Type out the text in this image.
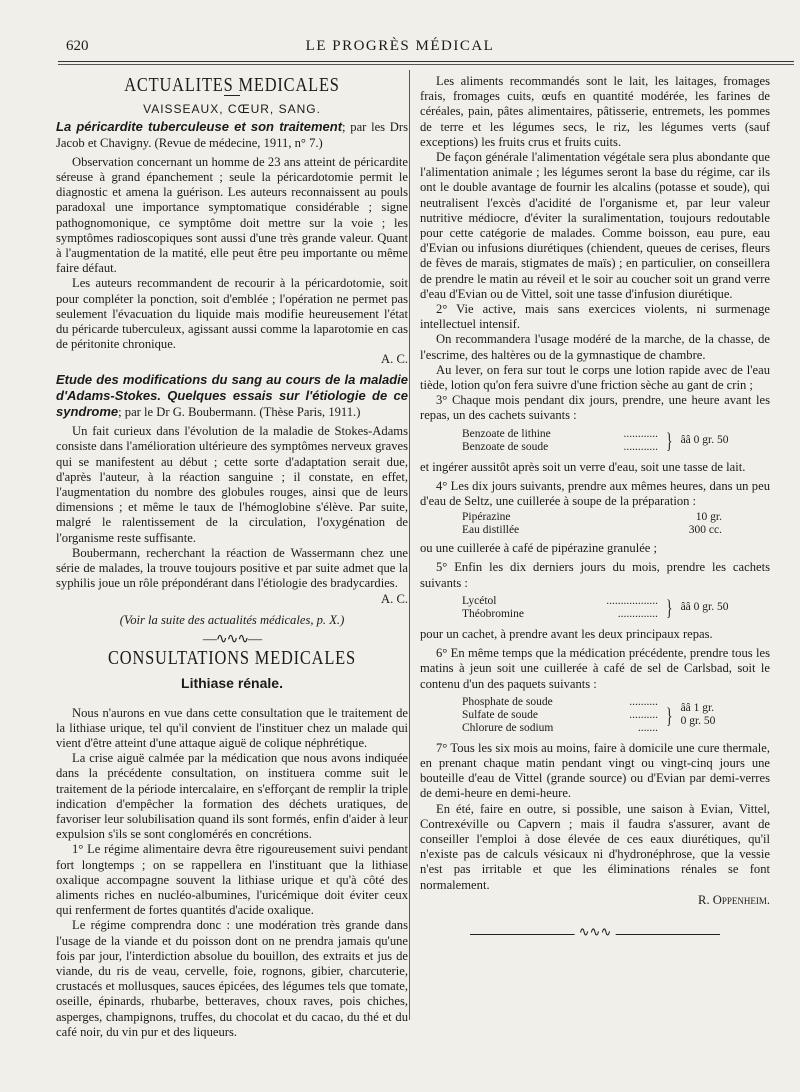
620	LE PROGRÈS MÉDICAL
ACTUALITES MEDICALES
VAISSEAUX, CŒUR, SANG.

La péricardite tuberculeuse et son traitement; par les Drs Jacob et Chavigny. (Revue de médecine, 1911, n° 7.)

Observation concernant un homme de 23 ans atteint de péricardite séreuse à grand épanchement ; seule la péricardotomie permit le diagnostic et amena la guérison. Les auteurs reconnaissent au pouls paradoxal une importance symptomatique considérable ; signe pathognomonique, ce symptôme doit mettre sur la voie ; les symptômes radioscopiques sont aussi d'une très grande valeur. Quant à l'augmentation de la matité, elle peut être peu importante ou même faire défaut.

Les auteurs recommandent de recourir à la péricardotomie, soit pour compléter la ponction, soit d'emblée ; l'opération ne permet pas seulement l'évacuation du liquide mais modifie heureusement l'état du péricarde tuberculeux, agissant aussi comme la laparotomie en cas de péritonite chronique.

A. C.

Etude des modifications du sang au cours de la maladie d'Adams-Stokes. Quelques essais sur l'étiologie de ce syndrome; par le Dr G. Boubermann. (Thèse Paris, 1911.)

Un fait curieux dans l'évolution de la maladie de Stokes-Adams consiste dans l'amélioration ultérieure des symptômes nerveux graves qui se manifestent au début ; cette sorte d'adaptation serait due, d'après l'auteur, à la réaction sanguine ; il constate, en effet, l'augmentation du nombre des globules rouges, ainsi que de leurs dimensions ; et même le taux de l'hémoglobine s'élève. Par suite, malgré le ralentissement de la circulation, l'oxygénation de l'organisme reste suffisante.

Boubermann, recherchant la réaction de Wassermann chez une série de malades, la trouve toujours positive et par suite admet que la syphilis joue un rôle prépondérant dans l'étiologie des bradycardies.

A. C.

(Voir la suite des actualités médicales, p. X.)

—∿∿∿—
CONSULTATIONS MEDICALES
Lithiase rénale.

Nous n'aurons en vue dans cette consultation que le traitement de la lithiase urique, tel qu'il convient de l'instituer chez un malade qui vient d'être atteint d'une attaque aiguë de colique néphrétique.

La crise aiguë calmée par la médication que nous avons indiquée dans la précédente consultation, on instituera comme suit le traitement de la période intercalaire, en s'efforçant de remplir la triple indication d'empêcher la formation des déchets uratiques, de favoriser leur solubilisation quand ils sont formés, enfin d'aider à leur expulsion s'ils se sont conglomérés en concrétions.

1° Le régime alimentaire devra être rigoureusement suivi pendant fort longtemps ; on se rappellera en l'instituant que la lithiase oxalique accompagne souvent la lithiase urique et qu'à côté des aliments riches en nucléo-albumines, l'uricémique doit éviter ceux qui renferment de fortes quantités d'acide oxalique.

Le régime comprendra donc : une modération très grande dans l'usage de la viande et du poisson dont on ne prendra jamais qu'une fois par jour, l'interdiction absolue du bouillon, des extraits et jus de viande, du ris de veau, cervelle, foie, rognons, gibier, charcuterie, crustacés et mollusques, sauces épicées, des légumes tels que tomate, oseille, épinards, rhubarbe, betteraves, choux raves, pois chiches, asperges, champignons, truffes, du chocolat et du cacao, du thé et du café noir, du vin pur et des liqueurs.

Les aliments recommandés sont le lait, les laitages, fromages frais, fromages cuits, œufs en quantité modérée, les farines de céréales, pain, pâtes alimentaires, pâtisserie, entremets, les pommes de terre et les légumes secs, le riz, les légumes verts (sauf exceptions) les fruits crus et fruits cuits.

De façon générale l'alimentation végétale sera plus abondante que l'alimentation animale ; les légumes seront la base du régime, car ils ont le double avantage de fournir les alcalins (potasse et soude), qui neutralisent l'excès d'acidité de l'organisme et, par leur valeur nutritive médiocre, d'éviter la suralimentation, toujours redoutable pour cette catégorie de malades. Comme boisson, eau pure, eau d'Evian ou infusions diurétiques (chiendent, queues de cerises, fleurs de fèves de marais, stigmates de maïs) ; en particulier, on conseillera de prendre le matin au réveil et le soir au coucher soit un grand verre d'eau d'Evian ou de Vittel, soit une tasse d'infusion diurétique.

2° Vie active, mais sans exercices violents, ni surmenage intellectuel intensif.

On recommandera l'usage modéré de la marche, de la chasse, de l'escrime, des haltères ou de la gymnastique de chambre.

Au lever, on fera sur tout le corps une lotion rapide avec de l'eau tiède, lotion qu'on fera suivre d'une friction sèche au gant de crin ;

3° Chaque mois pendant dix jours, prendre, une heure avant les repas, un des cachets suivants :

Benzoate de lithine	............
Benzoate de soude	............ } ââ 0 gr. 50

et ingérer aussitôt après soit un verre d'eau, soit une tasse de lait.

4° Les dix jours suivants, prendre aux mêmes heures, dans un peu d'eau de Seltz, une cuillerée à soupe de la préparation :

Pipérazine	10 gr.
Eau distillée	300 cc.

ou une cuillerée à café de pipérazine granulée ;

5° Enfin les dix derniers jours du mois, prendre les cachets suivants :

Lycétol	..................
Théobromine	.............. } ââ 0 gr. 50

pour un cachet, à prendre avant les deux principaux repas.

6° En même temps que la médication précédente, prendre tous les matins à jeun soit une cuillerée à café de sel de Carlsbad, soit le contenu d'un des paquets suivants :

Phosphate de soude	..........
Sulfate de soude	..........
Chlorure de sodium	....... } ââ 1 gr.
0 gr. 50

7° Tous les six mois au moins, faire à domicile une cure thermale, en prenant chaque matin pendant vingt ou vingt-cinq jours une bouteille d'eau de Vittel (grande source) ou d'Evian par demi-verres de demi-heure en demi-heure.

En été, faire en outre, si possible, une saison à Evian, Vittel, Contrexéville ou Capvern ; mais il faudra s'assurer, avant de conseiller l'emploi à dose élevée de ces eaux diurétiques, qu'il n'existe pas de calculs vésicaux ni d'hydronéphrose, que la vessie n'est pas irritable et que les éliminations rénales se font normalement.

R. Oppenheim.
∿∿∿
